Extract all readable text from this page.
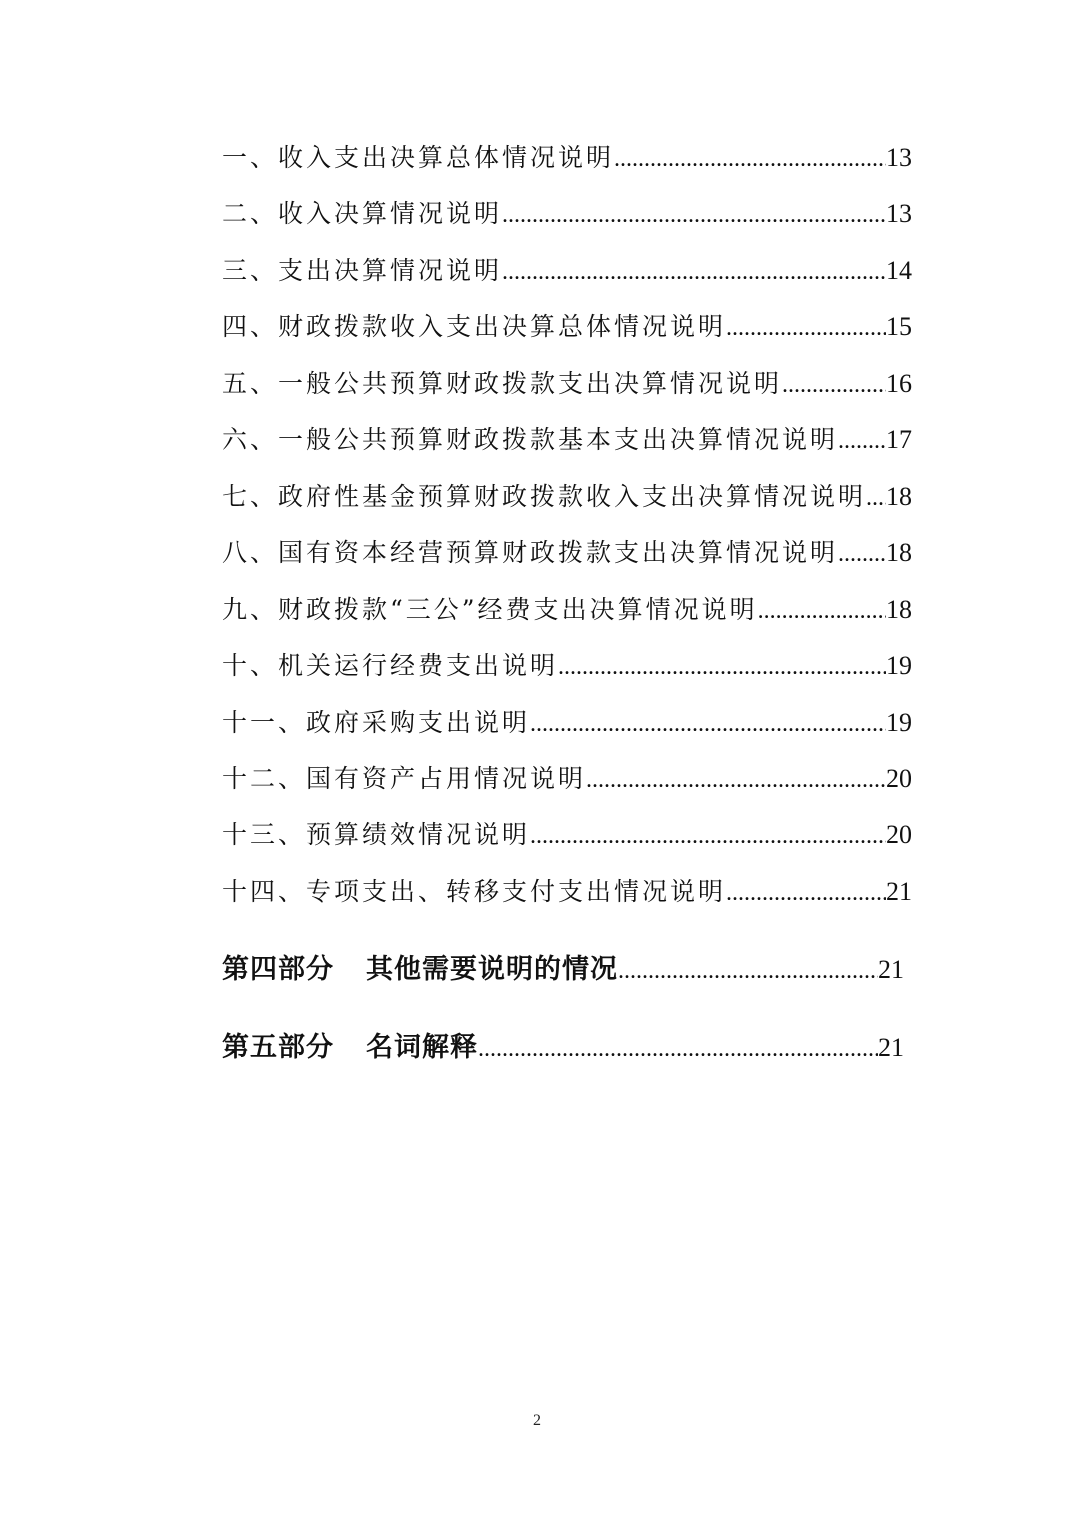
一、收入支出决算总体情况说明 .....	13
二、收入决算情况说明 .....	13
三、支出决算情况说明 .....	14
四、财政拨款收入支出决算总体情况说明 .....	15
五、一般公共预算财政拨款支出决算情况说明 .....	16
六、一般公共预算财政拨款基本支出决算情况说明 ..... 17
七、政府性基金预算财政拨款收入支出决算情况说明 ..... 18
八、国有资本经营预算财政拨款支出决算情况说明 ..... 18
九、财政拨款“三公”经费支出决算情况说明 .....	18
十、机关运行经费支出说明 .....	19
十一、政府采购支出说明 .....	19
十二、国有资产占用情况说明 .....	20
十三、预算绩效情况说明 .....	20
十四、专项支出、转移支付支出情况说明 .....	21
第四部分 其他需要说明的情况 .....	21
第五部分 名词解释 .....	21
2
